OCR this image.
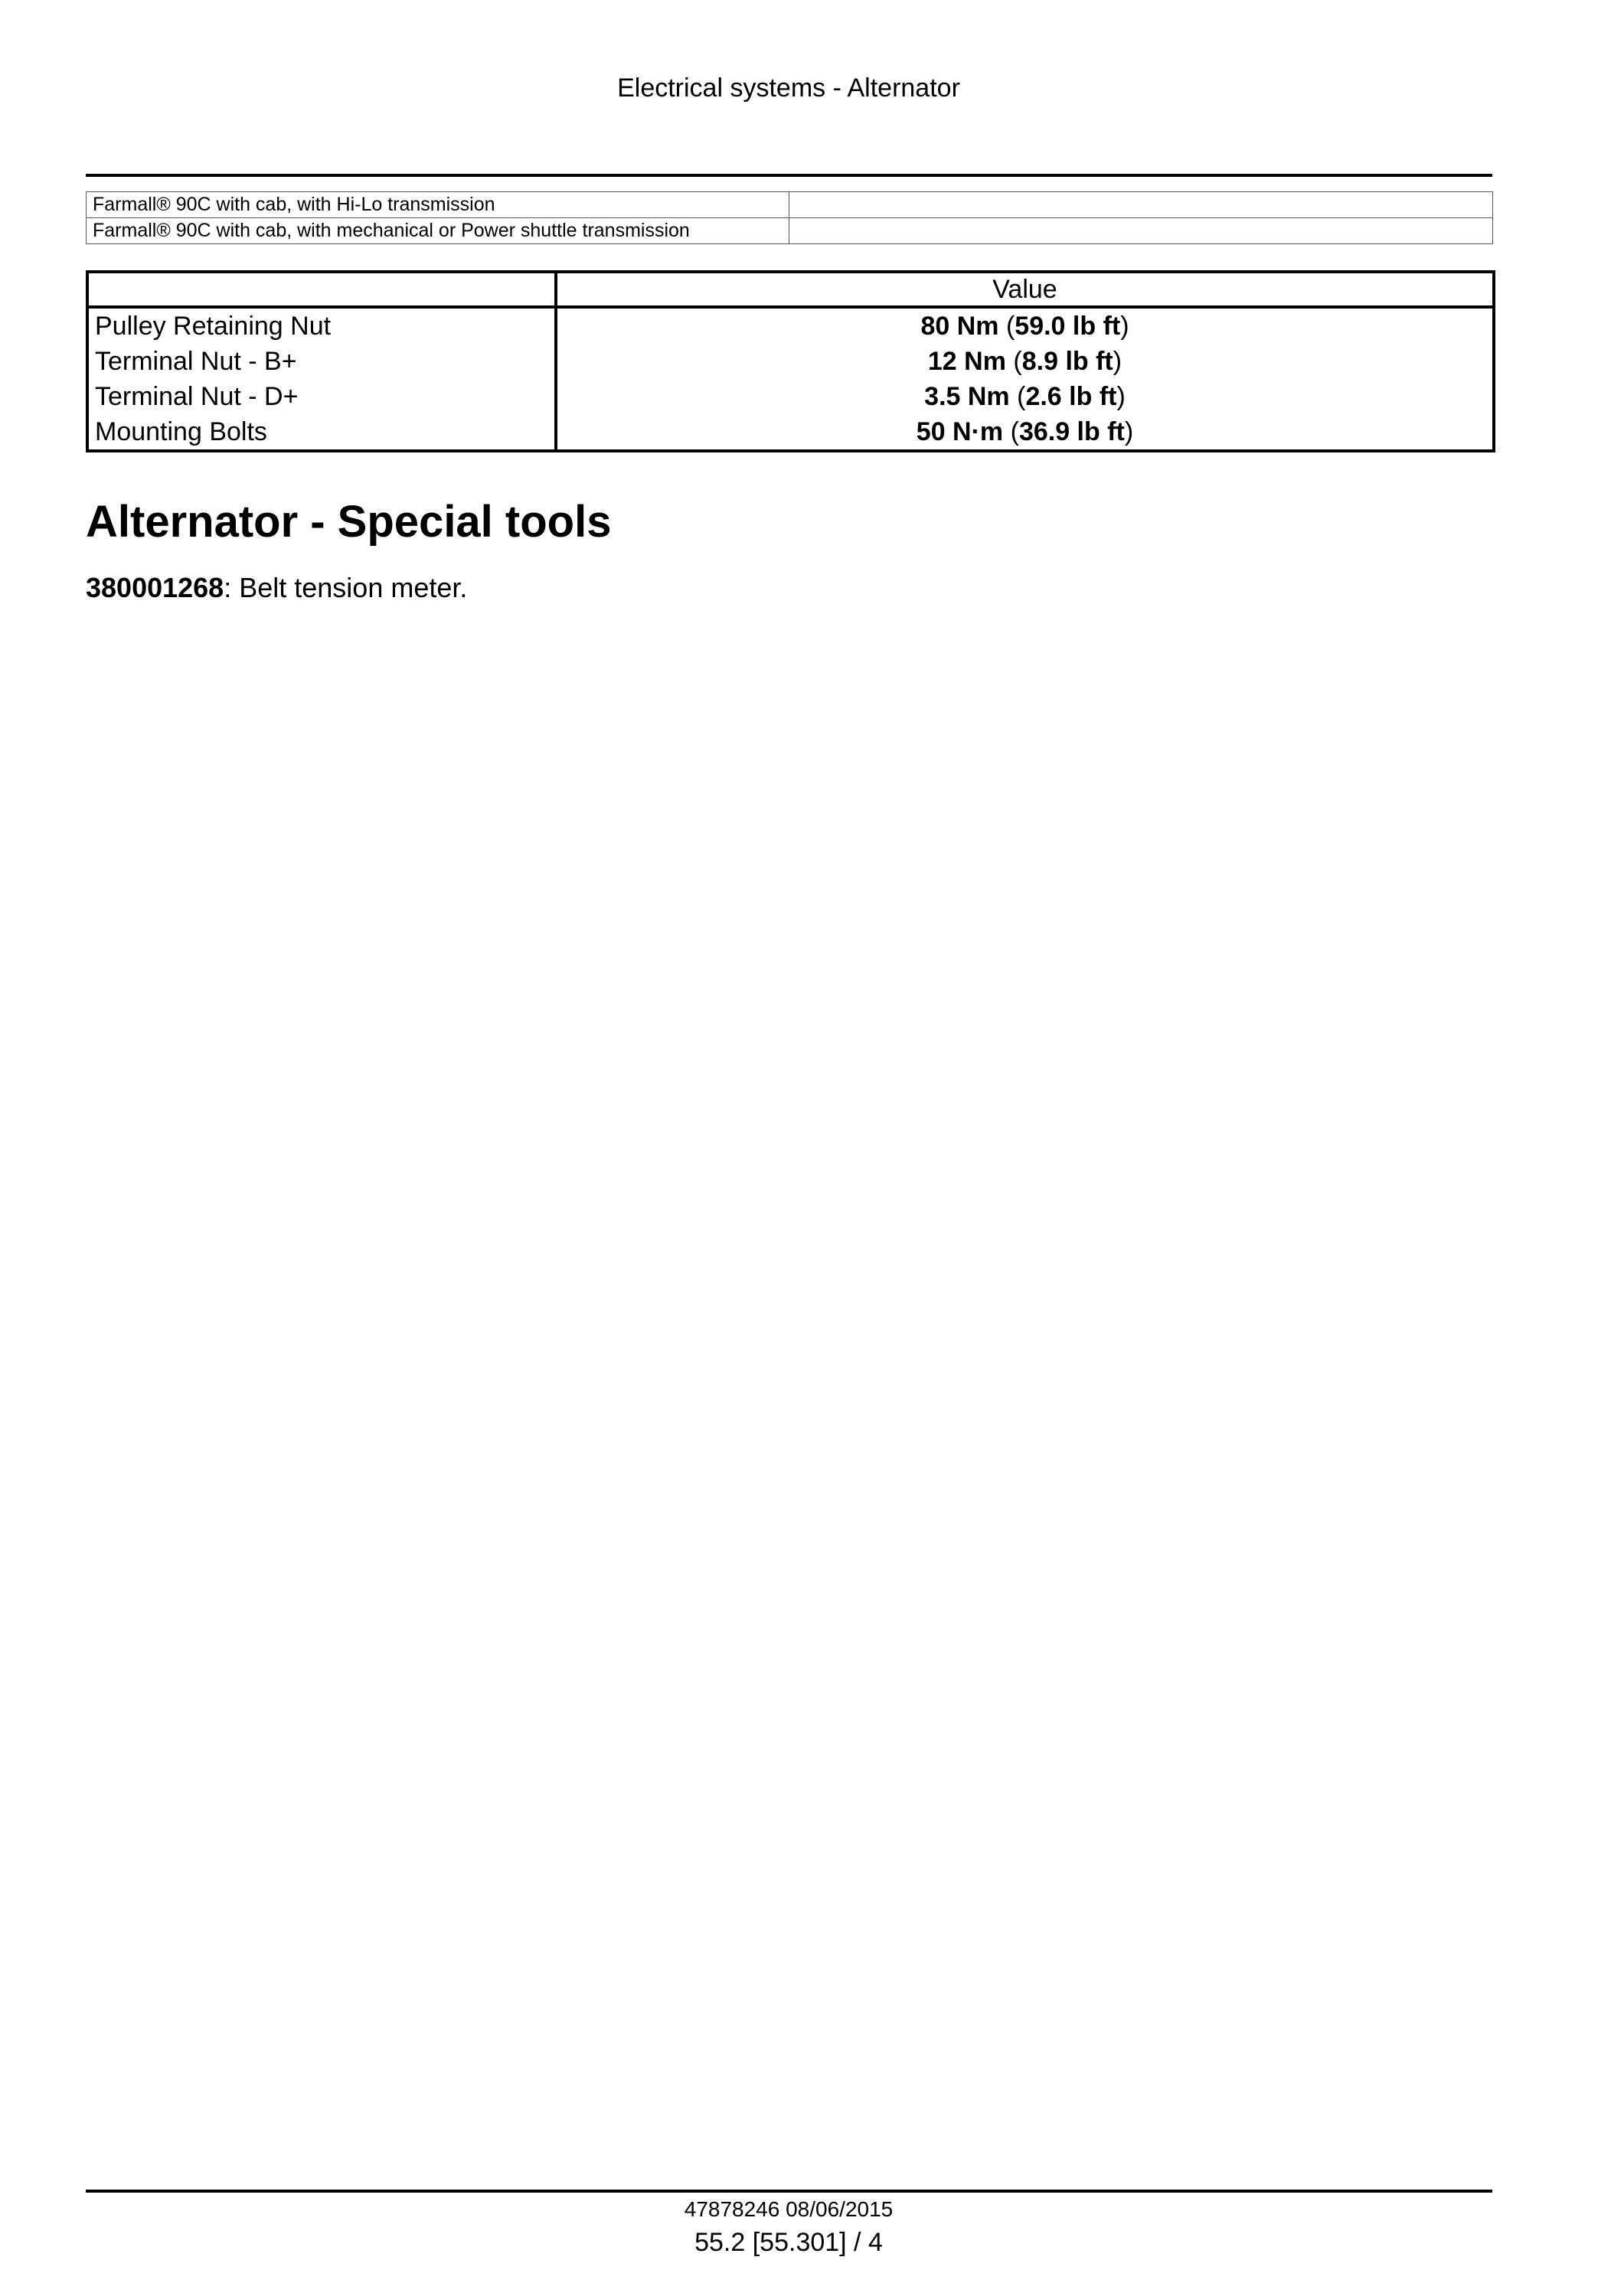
Electrical systems - Alternator
Farmall® 90C with cab, with Hi-Lo transmission	
Farmall® 90C with cab, with mechanical or Power shuttle transmission	
	Value
Pulley Retaining Nut	80 Nm (59.0 lb ft)
Terminal Nut - B+	12 Nm (8.9 lb ft)
Terminal Nut - D+	3.5 Nm (2.6 lb ft)
Mounting Bolts	50 N·m (36.9 lb ft)
Alternator - Special tools
380001268: Belt tension meter.
47878246 08/06/2015
55.2 [55.301] / 4
